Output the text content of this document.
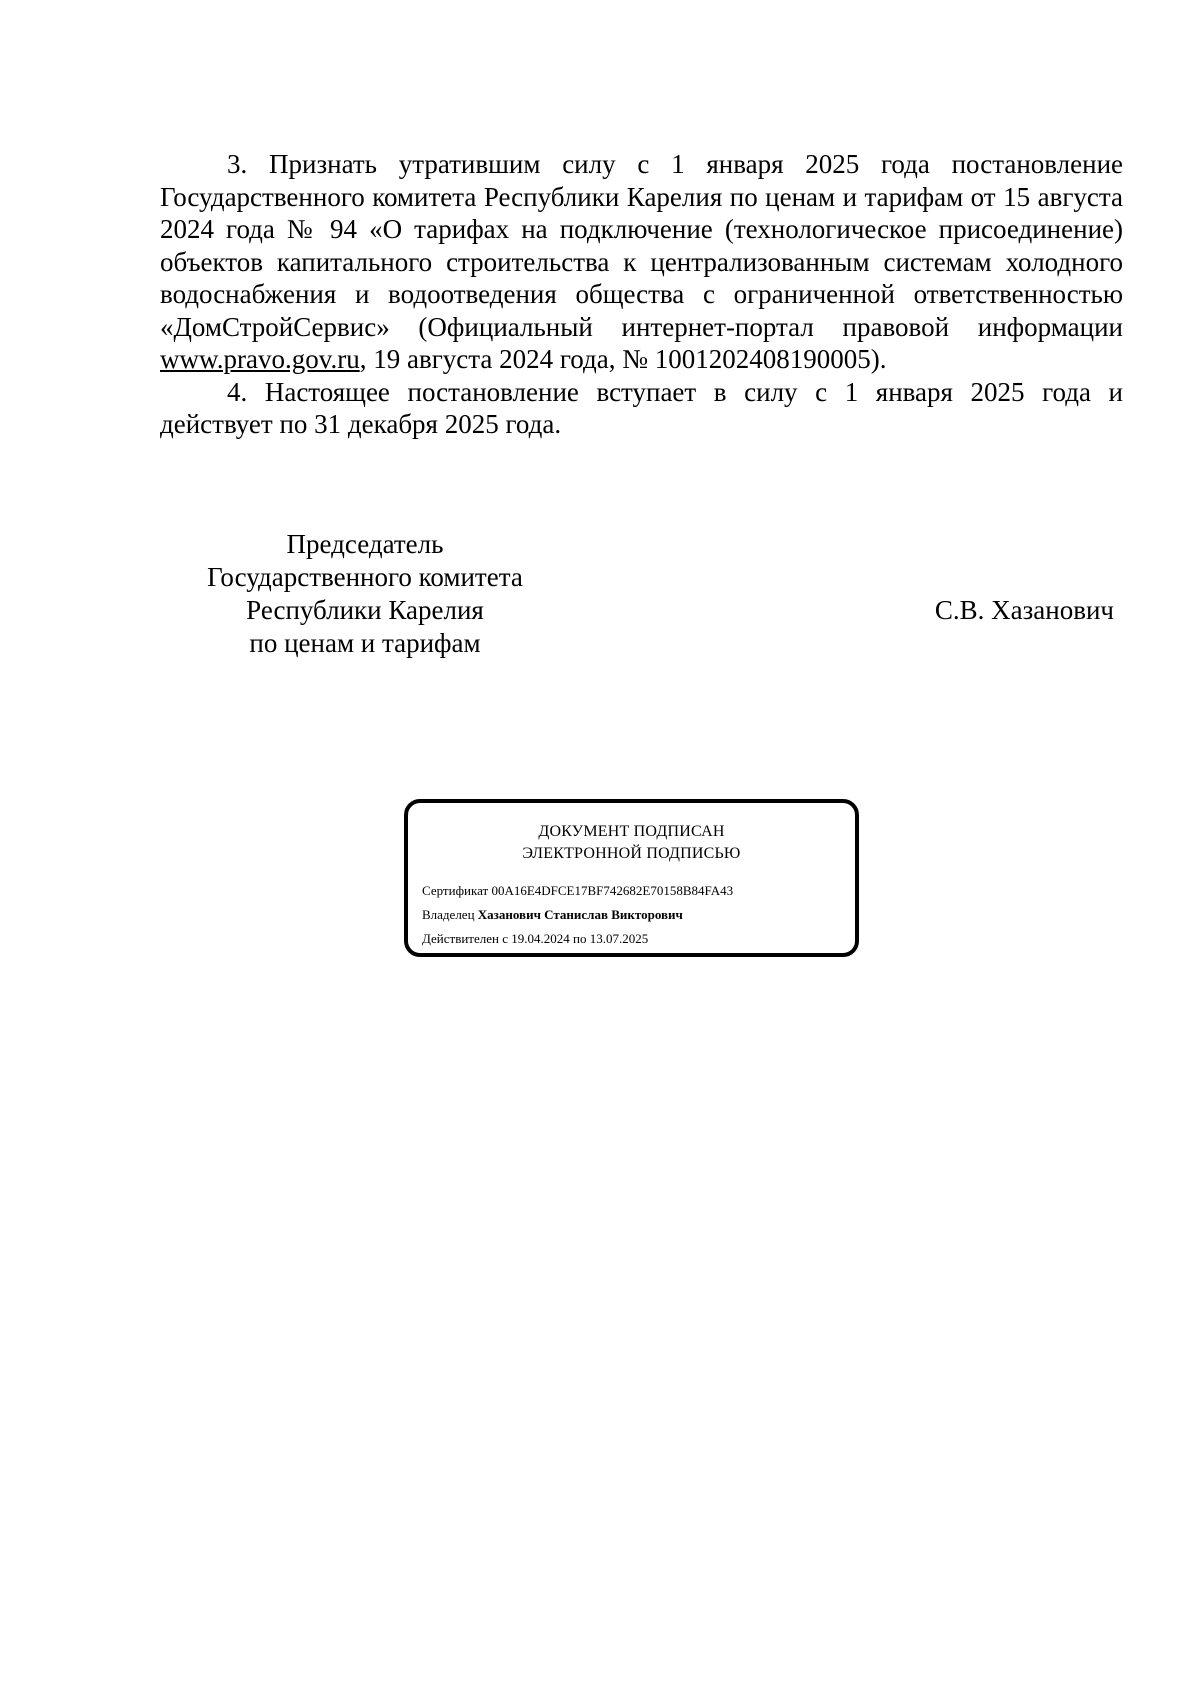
3. Признать утратившим силу с 1 января 2025 года постановление Государственного комитета Республики Карелия по ценам и тарифам от 15 августа 2024 года № 94 «О тарифах на подключение (технологическое присоединение) объектов капитального строительства к централизованным системам холодного водоснабжения и водоотведения общества с ограниченной ответственностью «ДомСтройСервис» (Официальный интернет-портал правовой информации www.pravo.gov.ru, 19 августа 2024 года, № 1001202408190005).

4. Настоящее постановление вступает в силу с 1 января 2025 года и действует по 31 декабря 2025 года.

Председатель
Государственного комитета
Республики Карелия
по ценам и тарифам
С.В. Хазанович
ДОКУМЕНТ ПОДПИСАН
ЭЛЕКТРОННОЙ ПОДПИСЬЮ
Сертификат 00A16E4DFCE17BF742682E70158B84FA43
Владелец Хазанович Станислав Викторович
Действителен с 19.04.2024 по 13.07.2025
